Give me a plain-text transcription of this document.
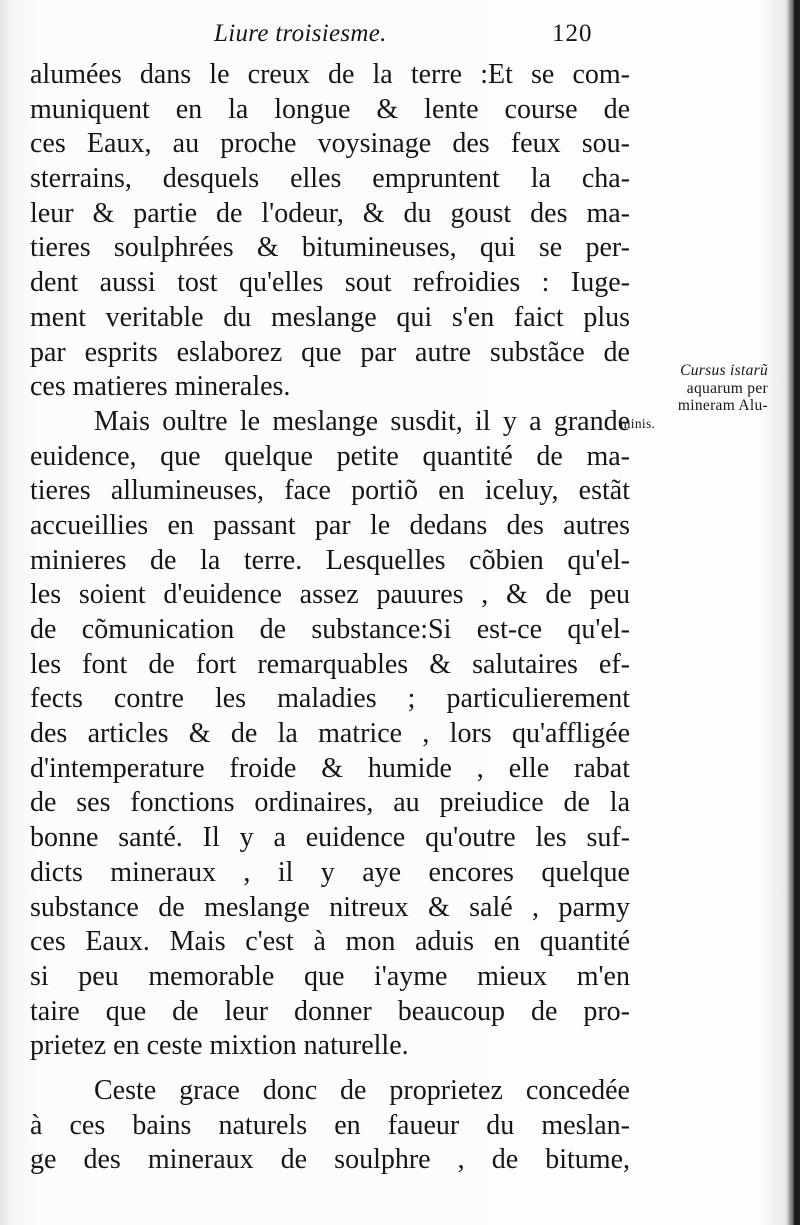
Liure troisiesme.	120
alumées dans le creux de la terre :Et se com-
muniquent en la longue & lente course de
ces Eaux, au proche voysinage des feux sou-
sterrains, desquels elles empruntent la cha-
leur & partie de l'odeur, & du goust des ma-
tieres soulphrées & bitumineuses, qui se per-
dent aussi tost qu'elles sout refroidies : Iuge-
ment veritable du meslange qui s'en faict plus
par esprits eslaborez que par autre substãce de
ces matieres minerales.
Mais oultre le meslange susdit, il y a grande
euidence, que quelque petite quantité de ma-
tieres allumineuses, face portiõ en iceluy, estãt
accueillies en passant par le dedans des autres
minieres de la terre. Lesquelles cõbien qu'el-
les soient d'euidence assez pauures , & de peu
de cõmunication de substance:Si est-ce qu'el-
les font de fort remarquables & salutaires ef-
fects contre les maladies ; particulierement
des articles & de la matrice , lors qu'affligée
d'intemperature froide & humide , elle rabat
de ses fonctions ordinaires, au preiudice de la
bonne santé. Il y a euidence qu'outre les suf-
dicts mineraux , il y aye encores quelque
substance de meslange nitreux & salé , parmy
ces Eaux. Mais c'est à mon aduis en quantité
si peu memorable que i'ayme mieux m'en
taire que de leur donner beaucoup de pro-
prietez en ceste mixtion naturelle.
Ceste grace donc de proprietez concedée
à ces bains naturels en faueur du meslan-
ge des mineraux de soulphre , de bitume,
Cursus istarũ
aquarum per
mineram Alu-
minis.
